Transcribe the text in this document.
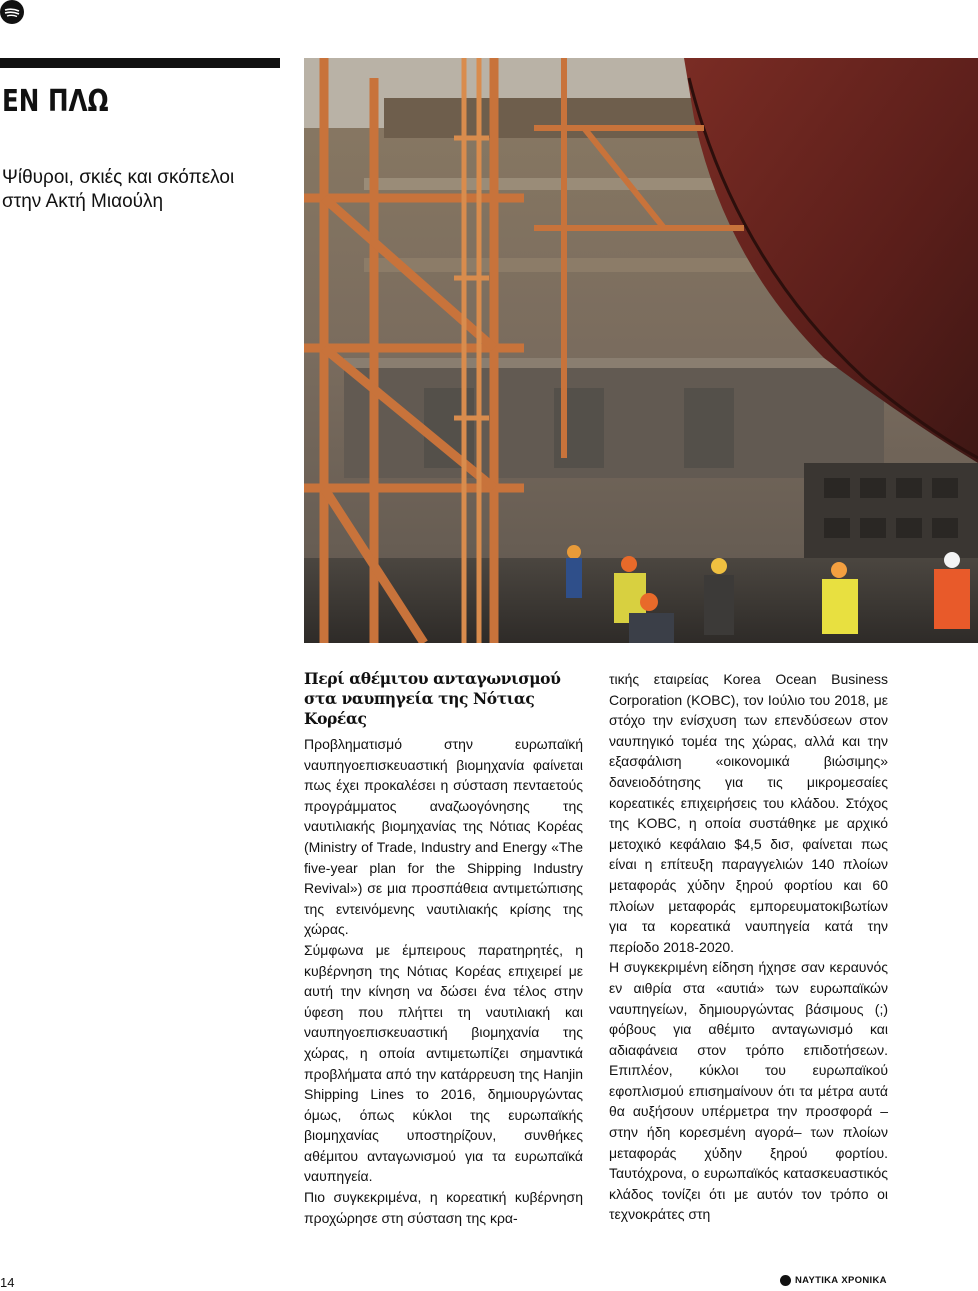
ΕΝ ΠΛΩ
Ψίθυροι, σκιές και σκόπελοι στην Ακτή Μιαούλη
Περί αθέμιτου ανταγωνισμού στα ναυπηγεία της Νότιας Κορέας

Προβληματισμό στην ευρωπαϊκή ναυπηγοεπισκευαστική βιομηχανία φαίνεται πως έχει προκαλέσει η σύσταση πενταετούς προγράμματος αναζωογόνησης της ναυτιλιακής βιομηχανίας της Νότιας Κορέας (Ministry of Trade, Industry and Energy «The five-year plan for the Shipping Industry Revival») σε μια προσπάθεια αντιμετώπισης της εντεινόμενης ναυτιλιακής κρίσης της χώρας.

Σύμφωνα με έμπειρους παρατηρητές, η κυβέρνηση της Νότιας Κορέας επιχειρεί με αυτή την κίνηση να δώσει ένα τέλος στην ύφεση που πλήττει τη ναυτιλιακή και ναυπηγοεπισκευαστική βιομηχανία της χώρας, η οποία αντιμετωπίζει σημαντικά προβλήματα από την κατάρρευση της Hanjin Shipping Lines το 2016, δημιουργώντας όμως, όπως κύκλοι της ευρωπαϊκής βιομηχανίας υποστηρίζουν, συνθήκες αθέμιτου ανταγωνισμού για τα ευρωπαϊκά ναυπηγεία.

Πιο συγκεκριμένα, η κορεατική κυβέρνηση προχώρησε στη σύσταση της κρα-

τικής εταιρείας Korea Ocean Business Corporation (KOBC), τον Ιούλιο του 2018, με στόχο την ενίσχυση των επενδύσεων στον ναυπηγικό τομέα της χώρας, αλλά και την εξασφάλιση «οικονομικά βιώσιμης» δανειοδότησης για τις μικρομεσαίες κορεατικές επιχειρήσεις του κλάδου. Στόχος της KOBC, η οποία συστάθηκε με αρχικό μετοχικό κεφάλαιο $4,5 δισ, φαίνεται πως είναι η επίτευξη παραγγελιών 140 πλοίων μεταφοράς χύδην ξηρού φορτίου και 60 πλοίων μεταφοράς εμπορευματοκιβωτίων για τα κορεατικά ναυπηγεία κατά την περίοδο 2018-2020.

Η συγκεκριμένη είδηση ήχησε σαν κεραυνός εν αιθρία στα «αυτιά» των ευρωπαϊκών ναυπηγείων, δημιουργώντας βάσιμους (;) φόβους για αθέμιτο ανταγωνισμό και αδιαφάνεια στον τρόπο επιδοτήσεων. Επιπλέον, κύκλοι του ευρωπαϊκού εφοπλισμού επισημαίνουν ότι τα μέτρα αυτά θα αυξήσουν υπέρμετρα την προσφορά –στην ήδη κορεσμένη αγορά– των πλοίων μεταφοράς χύδην ξηρού φορτίου. Ταυτόχρονα, ο ευρωπαϊκός κατασκευαστικός κλάδος τονίζει ότι με αυτόν τον τρόπο οι τεχνοκράτες στη

14	ΝΑΥΤΙΚΑ ΧΡΟΝΙΚΑ
